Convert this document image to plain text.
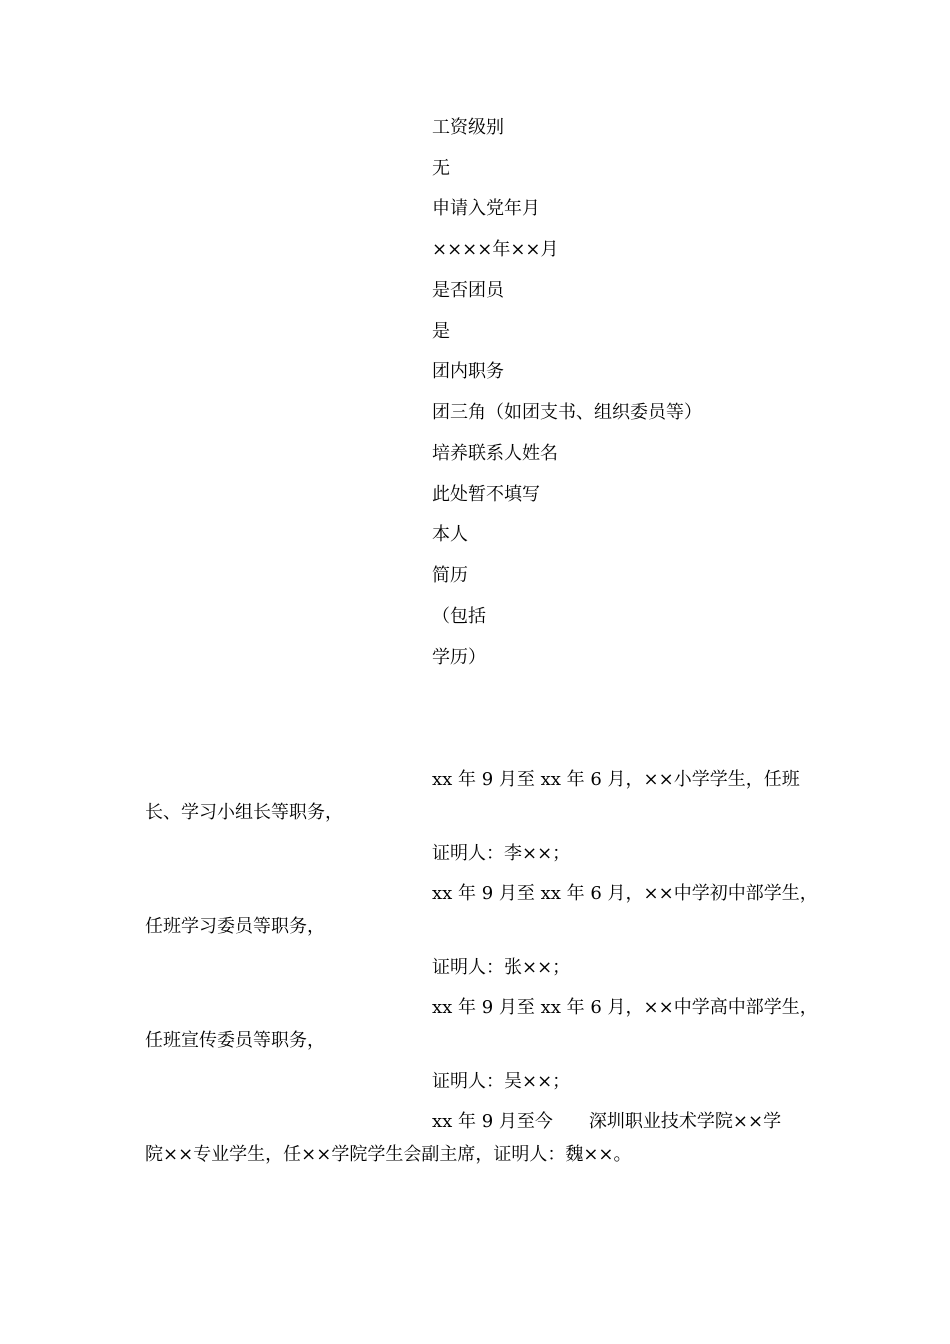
工资级别
无
申请入党年月
××××年××月
是否团员
是
团内职务
团三角（如团支书、组织委员等）
培养联系人姓名
此处暂不填写
本人
简历
（包括
学历）
xx 年 9 月至 xx 年 6 月，××小学学生，任班
长、学习小组长等职务，
证明人：李××；
xx 年 9 月至 xx 年 6 月，××中学初中部学生，
任班学习委员等职务，
证明人：张××；
xx 年 9 月至 xx 年 6 月，××中学高中部学生，
任班宣传委员等职务，
证明人：吴××；
xx 年 9 月至今　　深圳职业技术学院××学
院××专业学生，任××学院学生会副主席，证明人：魏××。
